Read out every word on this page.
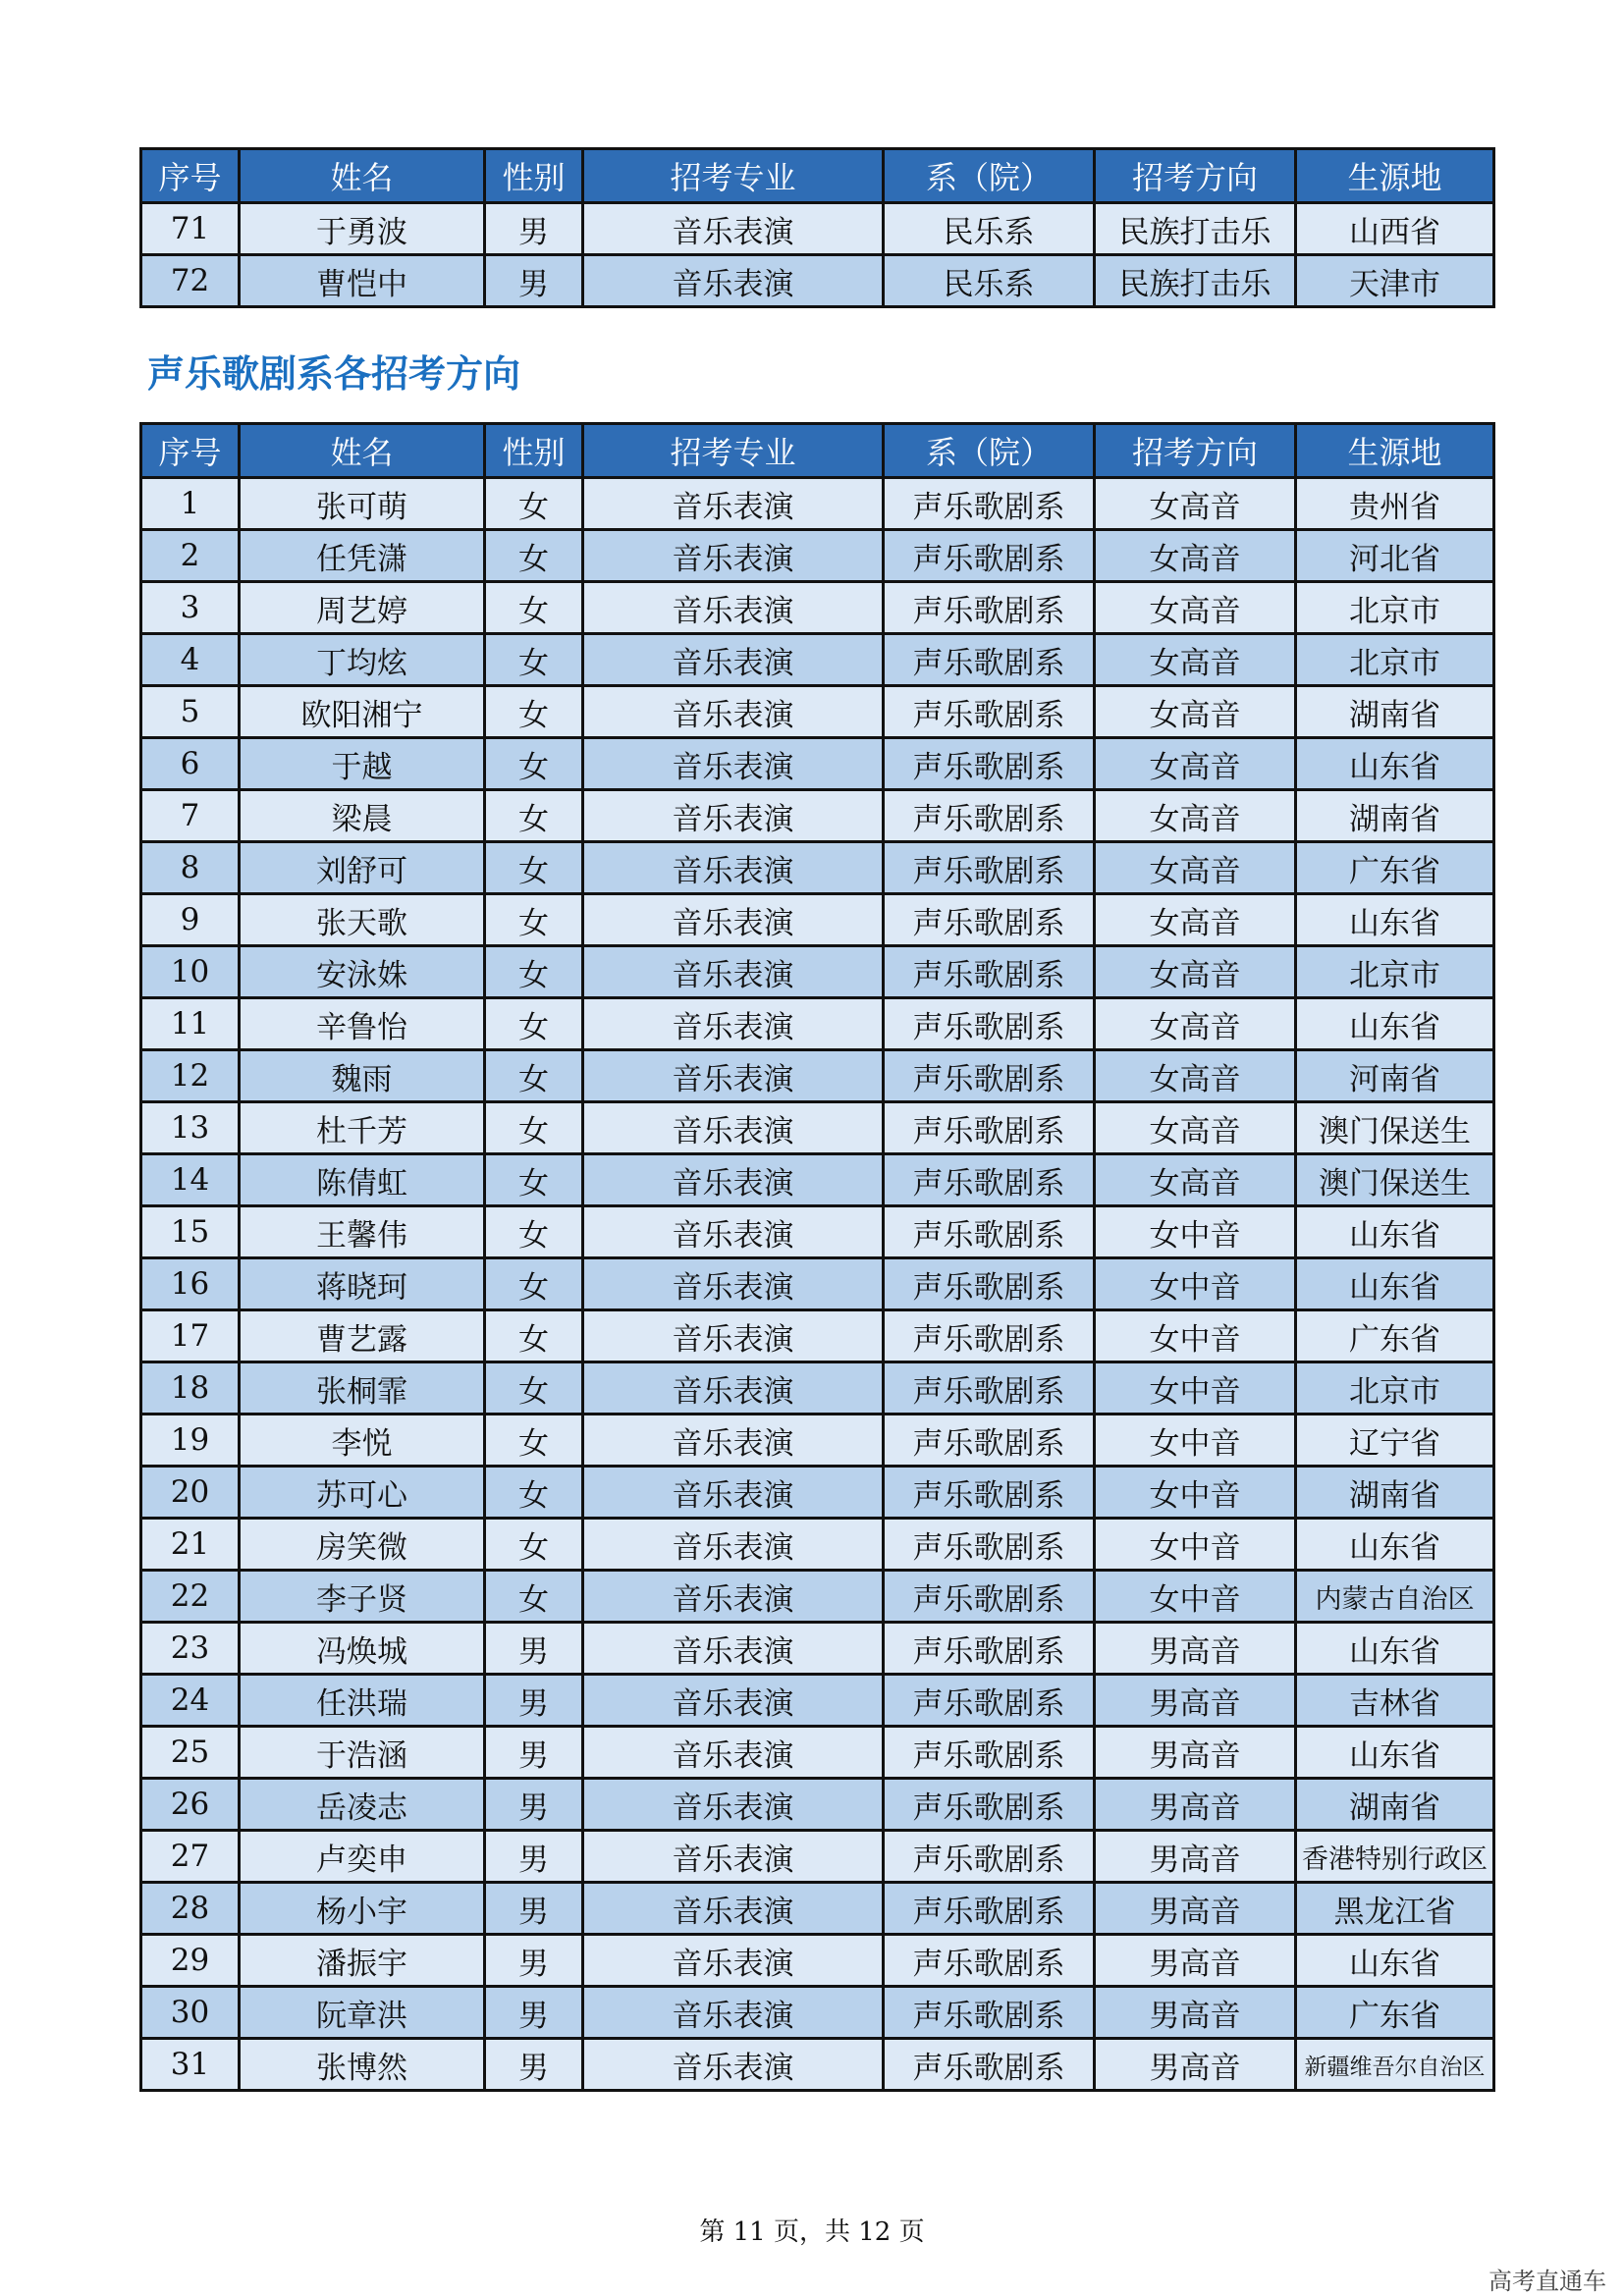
序号	姓名	性别	招考专业	系（院）	招考方向	生源地
71	于勇波	男	音乐表演	民乐系	民族打击乐	山西省
72	曹恺中	男	音乐表演	民乐系	民族打击乐	天津市
声乐歌剧系各招考方向
序号	姓名	性别	招考专业	系（院）	招考方向	生源地
1	张可萌	女	音乐表演	声乐歌剧系	女高音	贵州省
2	任凭潇	女	音乐表演	声乐歌剧系	女高音	河北省
3	周艺婷	女	音乐表演	声乐歌剧系	女高音	北京市
4	丁均炫	女	音乐表演	声乐歌剧系	女高音	北京市
5	欧阳湘宁	女	音乐表演	声乐歌剧系	女高音	湖南省
6	于越	女	音乐表演	声乐歌剧系	女高音	山东省
7	梁晨	女	音乐表演	声乐歌剧系	女高音	湖南省
8	刘舒可	女	音乐表演	声乐歌剧系	女高音	广东省
9	张天歌	女	音乐表演	声乐歌剧系	女高音	山东省
10	安泳姝	女	音乐表演	声乐歌剧系	女高音	北京市
11	辛鲁怡	女	音乐表演	声乐歌剧系	女高音	山东省
12	魏雨	女	音乐表演	声乐歌剧系	女高音	河南省
13	杜千芳	女	音乐表演	声乐歌剧系	女高音	澳门保送生
14	陈倩虹	女	音乐表演	声乐歌剧系	女高音	澳门保送生
15	王馨伟	女	音乐表演	声乐歌剧系	女中音	山东省
16	蒋晓珂	女	音乐表演	声乐歌剧系	女中音	山东省
17	曹艺露	女	音乐表演	声乐歌剧系	女中音	广东省
18	张桐霏	女	音乐表演	声乐歌剧系	女中音	北京市
19	李悦	女	音乐表演	声乐歌剧系	女中音	辽宁省
20	苏可心	女	音乐表演	声乐歌剧系	女中音	湖南省
21	房笑微	女	音乐表演	声乐歌剧系	女中音	山东省
22	李子贤	女	音乐表演	声乐歌剧系	女中音	内蒙古自治区
23	冯焕城	男	音乐表演	声乐歌剧系	男高音	山东省
24	任洪瑞	男	音乐表演	声乐歌剧系	男高音	吉林省
25	于浩涵	男	音乐表演	声乐歌剧系	男高音	山东省
26	岳凌志	男	音乐表演	声乐歌剧系	男高音	湖南省
27	卢奕申	男	音乐表演	声乐歌剧系	男高音	香港特别行政区
28	杨小宇	男	音乐表演	声乐歌剧系	男高音	黑龙江省
29	潘振宇	男	音乐表演	声乐歌剧系	男高音	山东省
30	阮章洪	男	音乐表演	声乐歌剧系	男高音	广东省
31	张博然	男	音乐表演	声乐歌剧系	男高音	新疆维吾尔自治区
第 11 页，共 12 页
高考直通车
